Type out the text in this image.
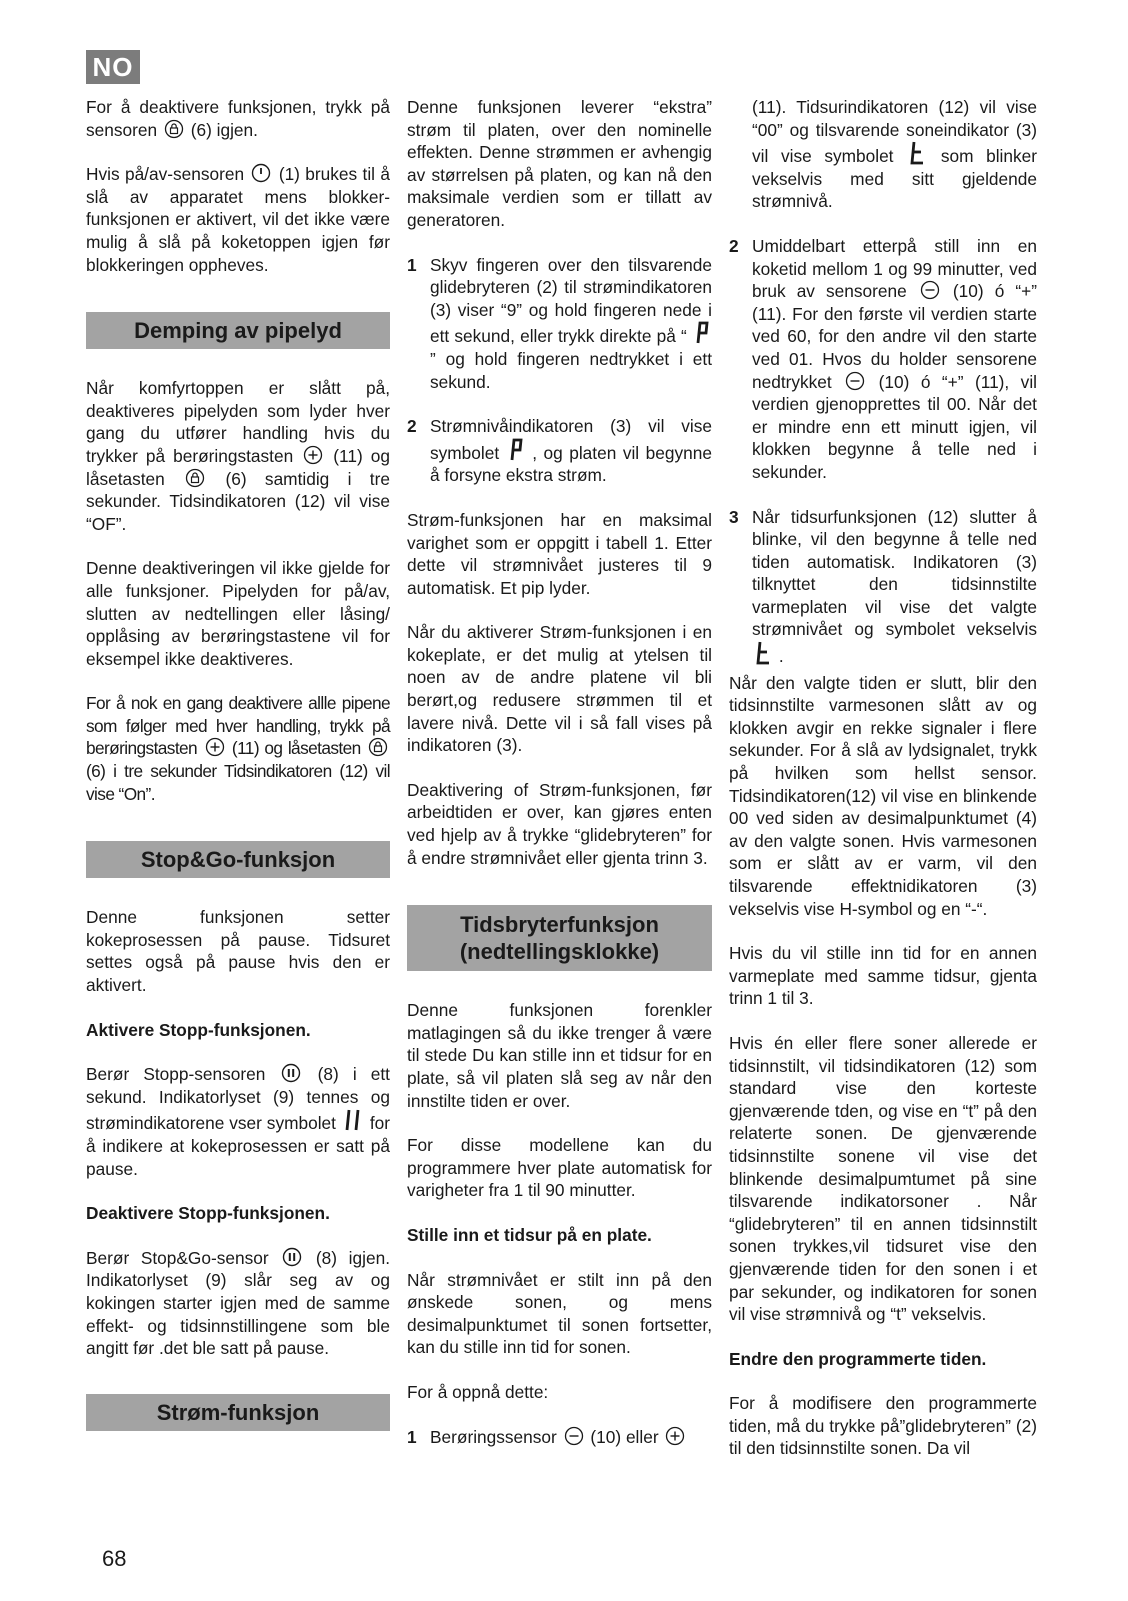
NO

For å deaktivere funksjonen, trykk på sensoren (6) igjen.

Hvis på/av-sensoren (1) brukes til å slå av apparatet mens blokker-funksjonen er aktivert, vil det ikke være mulig å slå på koketoppen igjen før blokkeringen oppheves.

Demping av pipelyd

Når komfyrtoppen er slått på, deaktiveres pipelyden som lyder hver gang du utfører handling hvis du trykker på berøringstasten (11) og låsetasten	(6) samtidig i tre sekunder. Tidsindikatoren (12) vil vise “OF”.

Denne deaktiveringen vil ikke gjelde for alle funksjoner. Pipelyden for på/av, slutten av nedtellingen eller låsing/ opplåsing av berøringstastene vil for eksempel ikke deaktiveres.

For å nok en gang deaktivere allle pipene som følger med hver handling, trykk på berøringstasten (11) og låsetasten  (6) i tre sekunder Tidsindikatoren (12) vil vise “On”.

Stop&Go-funksjon

Denne funksjonen setter kokeprosessen på pause. Tidsuret settes også på pause hvis den er aktivert.

Aktivere Stopp-funksjonen.

Berør Stopp-sensoren	(8) i ett sekund. Indikatorlyset (9) tennes og strømindikatorene vser symbolet for å indikere at kokeprosessen er satt på pause.

Deaktivere Stopp-funksjonen.

Berør Stop&Go-sensor	(8) igjen. Indikatorlyset (9) slår seg av og kokingen starter igjen med de samme effekt- og tidsinnstillingene som ble angitt før .det ble satt på pause.

Strøm-funksjon

Denne funksjonen leverer “ekstra” strøm til platen, over den nominelle effekten. Denne strømmen er avhengig av størrelsen på platen, og kan nå den maksimale verdien som er tillatt av generatoren.

1 Skyv fingeren over den tilsvarende glidebryteren (2) til strømindikatoren (3) viser “9” og hold fingeren nede i ett sekund, eller trykk direkte på “  ” og hold fingeren nedtrykket i ett sekund.
2 Strømnivåindikatoren (3) vil vise symbolet , og platen vil begynne å forsyne ekstra strøm.

Strøm-funksjonen har en maksimal varighet som er oppgitt i tabell 1. Etter dette vil strømnivået justeres til 9 automatisk. Et pip lyder.

Når du aktiverer Strøm-funksjonen i en kokeplate, er det mulig at ytelsen til noen av de andre platene vil bli berørt,og redusere strømmen til et lavere nivå. Dette vil i så fall vises på indikatoren (3).

Deaktivering of Strøm-funksjonen, før arbeidtiden er over, kan gjøres enten ved hjelp av å trykke “glidebryteren” for å endre strømnivået eller gjenta trinn 3.

Tidsbryterfunksjon
(nedtellingsklokke)

Denne funksjonen forenkler matlagingen så du ikke trenger å være til stede Du kan stille inn et tidsur for en plate, så vil platen slå seg av når den innstilte tiden er over.

For disse modellene kan du programmere hver plate automatisk for varigheter fra 1 til 90 minutter.

Stille inn et tidsur på en plate.

Når strømnivået er stilt inn på den ønskede sonen, og mens desimalpunktumet til sonen fortsetter, kan du stille inn tid for sonen.

For å oppnå dette:

1 Berøringssensor (10) eller
(11). Tidsurindikatoren (12) vil vise “00” og tilsvarende soneindikator (3) vil vise symbolet	som blinker vekselvis med sitt gjeldende strømnivå.
2 Umiddelbart etterpå still inn en koketid mellom 1 og 99 minutter, ved bruk av sensorene	(10) ó “+” (11). For den første vil verdien starte ved 60, for den andre vil den starte ved 01. Hvos du holder sensorene nedtrykket	(10) ó “+” (11), vil verdien gjenopprettes til 00. Når det er mindre enn ett minutt igjen, vil klokken begynne å telle ned i sekunder.
3 Når tidsurfunksjonen (12) slutter å blinke, vil den begynne å telle ned tiden automatisk. Indikatoren (3) tilknyttet den tidsinnstilte varmeplaten vil vise det valgte strømnivået og symbolet vekselvis  .

Når den valgte tiden er slutt, blir den tidsinnstilte varmesonen slått av og klokken avgir en rekke signaler i flere sekunder. For å slå av lydsignalet, trykk på hvilken som hellst sensor. Tidsindikatoren(12) vil vise en blinkende 00 ved siden av desimalpunktumet (4) av den valgte sonen. Hvis varmesonen som er slått av er varm, vil den tilsvarende effektnidikatoren (3) vekselvis vise H-symbol og en “-“.

Hvis du vil stille inn tid for en annen varmeplate med samme tidsur, gjenta trinn 1 til 3.

Hvis én eller flere soner allerede er tidsinnstilt, vil tidsindikatoren (12) som standard vise den korteste gjenværende tden, og vise en “t” på den relaterte sonen. De gjenværende tidsinnstilte sonene vil vise det blinkende desimalpumtumet på sine tilsvarende indikatorsoner . Når “glidebryteren” til en annen tidsinnstilt sonen trykkes,vil tidsuret vise den gjenværende tiden for den sonen i et par sekunder, og indikatoren for sonen vil vise strømnivå og “t” vekselvis.

Endre den programmerte tiden.

For å modifisere den programmerte tiden, må du trykke på”glidebryteren” (2) til den tidsinnstilte sonen. Da vil

68
